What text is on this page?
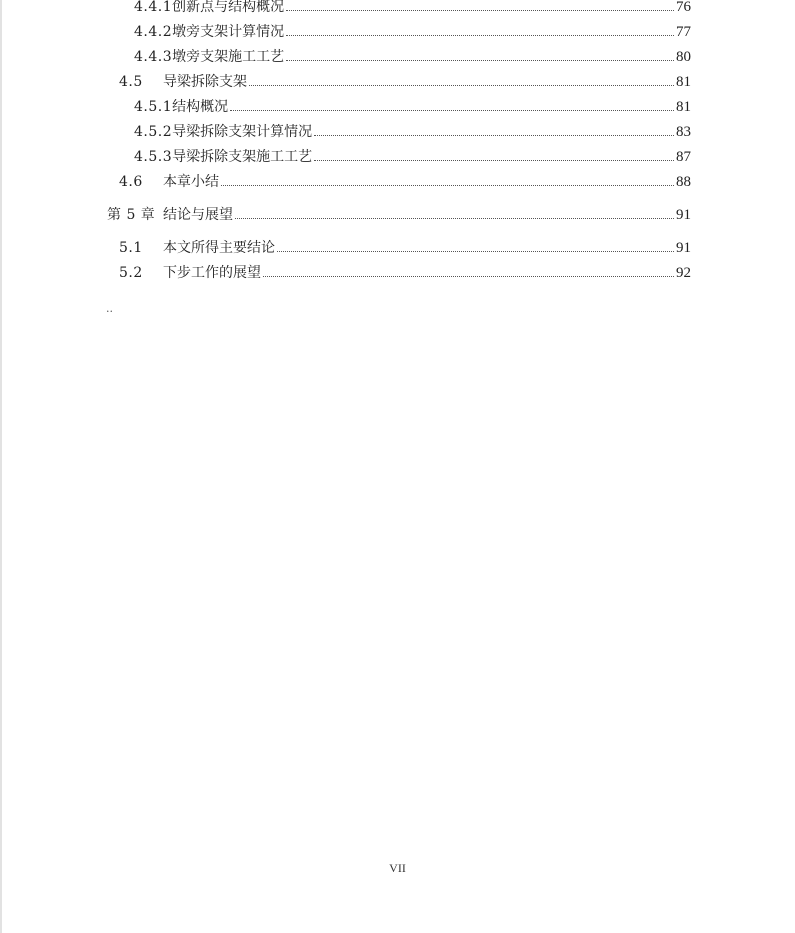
4.4.1 创新点与结构概况	76
4.4.2 墩旁支架计算情况	77
4.4.3 墩旁支架施工工艺	80
4.5	导梁拆除支架	81
4.5.1 结构概况	81
4.5.2 导梁拆除支架计算情况	83
4.5.3 导梁拆除支架施工工艺	87
4.6	本章小结	88
第 5 章 结论与展望	91
5.1	本文所得主要结论	91
5.2	下步工作的展望	92
..
VII
